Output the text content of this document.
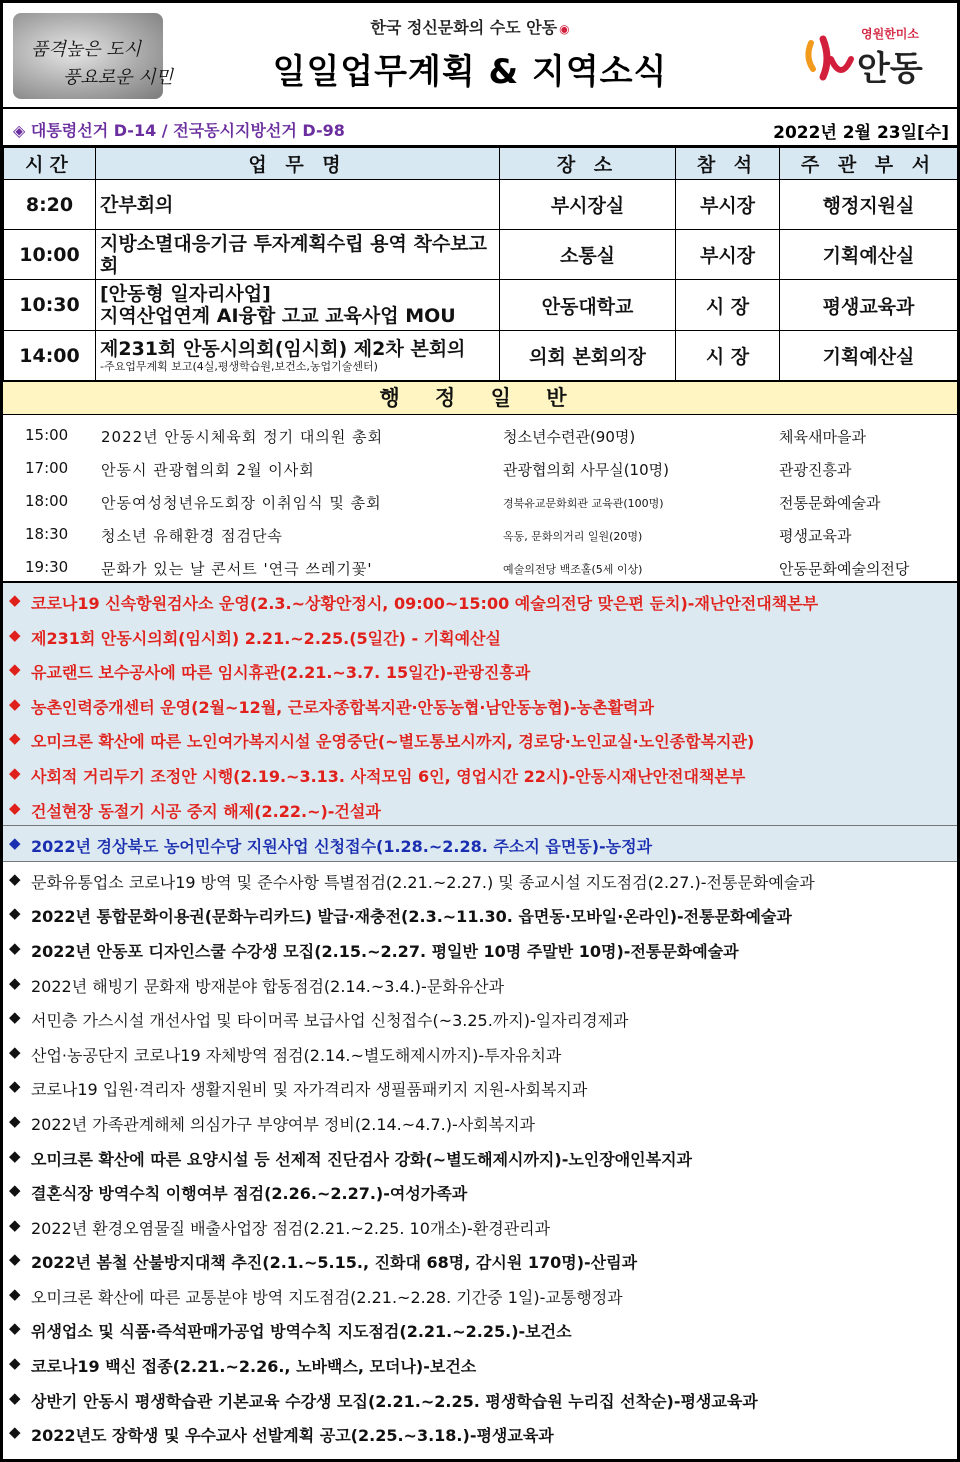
품격높은 도시
풍요로운 시민
한국 정신문화의 수도 안동 ◉
일일업무계획 & 지역소식
영원한미소
안동
◈ 대통령선거 D-14 / 전국동시지방선거 D-98	2022년 2월 23일[수]
시간	업 무 명	장 소	참 석	주 관 부 서
8:20	간부회의	부시장실	부시장	행정지원실
10:00	지방소멸대응기금 투자계획수립 용역 착수보고회	소통실	부시장	기획예산실
10:30	[안동형 일자리사업]
지역산업연계 AI융합 고교 교육사업 MOU	안동대학교	시 장	평생교육과
14:00	제231회 안동시의회(임시회) 제2차 본회의
-주요업무계획 보고(4실,평생학습원,보건소,농업기술센터)	의회 본회의장	시 장	기획예산실
행 정 일 반
15:00 2022년 안동시체육회 정기 대의원 총회	청소년수련관(90명)	체육새마을과
17:00 안동시 관광협의회 2월 이사회	관광협의회 사무실(10명)	관광진흥과
18:00 안동여성청년유도회장 이취임식 및 총회	경북유교문화회관 교육관(100명)	전통문화예술과
18:30 청소년 유해환경 점검단속	옥동, 문화의거리 일원(20명)	평생교육과
19:30 문화가 있는 날 콘서트 '연극 쓰레기꽃'	예술의전당 백조홀(5세 이상)	안동문화예술의전당
◆ 코로나19 신속항원검사소 운영(2.3.~상황안정시, 09:00~15:00 예술의전당 맞은편 둔치)-재난안전대책본부
◆ 제231회 안동시의회(임시회) 2.21.~2.25.(5일간) - 기획예산실
◆ 유교랜드 보수공사에 따른 임시휴관(2.21.~3.7. 15일간)-관광진흥과
◆ 농촌인력중개센터 운영(2월~12월, 근로자종합복지관·안동농협·남안동농협)-농촌활력과
◆ 오미크론 확산에 따른 노인여가복지시설 운영중단(~별도통보시까지, 경로당·노인교실·노인종합복지관)
◆ 사회적 거리두기 조정안 시행(2.19.~3.13. 사적모임 6인, 영업시간 22시)-안동시재난안전대책본부
◆ 건설현장 동절기 시공 중지 해제(2.22.~)-건설과
◆ 2022년 경상북도 농어민수당 지원사업 신청접수(1.28.~2.28. 주소지 읍면동)-농정과
◆ 문화유통업소 코로나19 방역 및 준수사항 특별점검(2.21.~2.27.) 및 종교시설 지도점검(2.27.)-전통문화예술과
◆ 2022년 통합문화이용권(문화누리카드) 발급·재충전(2.3.~11.30. 읍면동·모바일·온라인)-전통문화예술과
◆ 2022년 안동포 디자인스쿨 수강생 모집(2.15.~2.27. 평일반 10명 주말반 10명)-전통문화예술과
◆ 2022년 해빙기 문화재 방재분야 합동점검(2.14.~3.4.)-문화유산과
◆ 서민층 가스시설 개선사업 및 타이머콕 보급사업 신청접수(~3.25.까지)-일자리경제과
◆ 산업·농공단지 코로나19 자체방역 점검(2.14.~별도해제시까지)-투자유치과
◆ 코로나19 입원·격리자 생활지원비 및 자가격리자 생필품패키지 지원-사회복지과
◆ 2022년 가족관계해체 의심가구 부양여부 정비(2.14.~4.7.)-사회복지과
◆ 오미크론 확산에 따른 요양시설 등 선제적 진단검사 강화(~별도해제시까지)-노인장애인복지과
◆ 결혼식장 방역수칙 이행여부 점검(2.26.~2.27.)-여성가족과
◆ 2022년 환경오염물질 배출사업장 점검(2.21.~2.25. 10개소)-환경관리과
◆ 2022년 봄철 산불방지대책 추진(2.1.~5.15., 진화대 68명, 감시원 170명)-산림과
◆ 오미크론 확산에 따른 교통분야 방역 지도점검(2.21.~2.28. 기간중 1일)-교통행정과
◆ 위생업소 및 식품·즉석판매가공업 방역수칙 지도점검(2.21.~2.25.)-보건소
◆ 코로나19 백신 접종(2.21.~2.26., 노바백스, 모더나)-보건소
◆ 상반기 안동시 평생학습관 기본교육 수강생 모집(2.21.~2.25. 평생학습원 누리집 선착순)-평생교육과
◆ 2022년도 장학생 및 우수교사 선발계획 공고(2.25.~3.18.)-평생교육과
